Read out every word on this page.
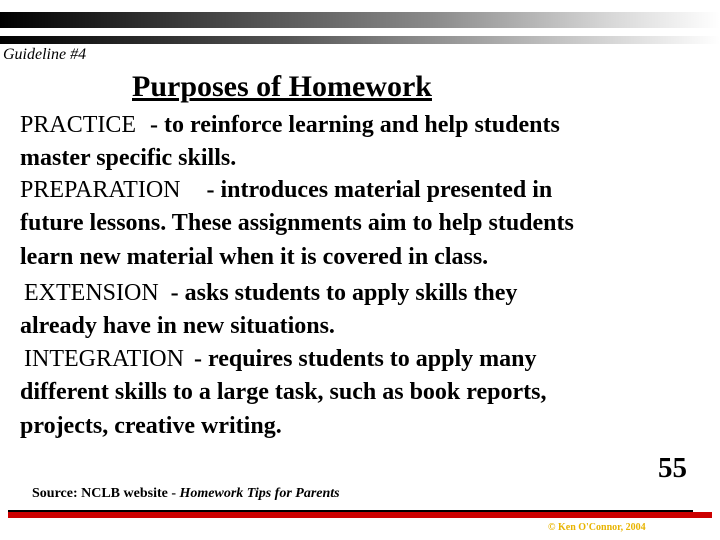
Guideline #4
Purposes of Homework
PRACTICE - to reinforce learning and help students
master specific skills.
PREPARATION - introduces material presented in
future lessons. These assignments aim to help students
learn new material when it is covered in class.
EXTENSION - asks students to apply skills they
already have in new situations.
INTEGRATION - requires students to apply many
different skills to a large task, such as book reports,
projects, creative writing.
55
Source: NCLB website - Homework Tips for Parents
© Ken O'Connor, 2004
